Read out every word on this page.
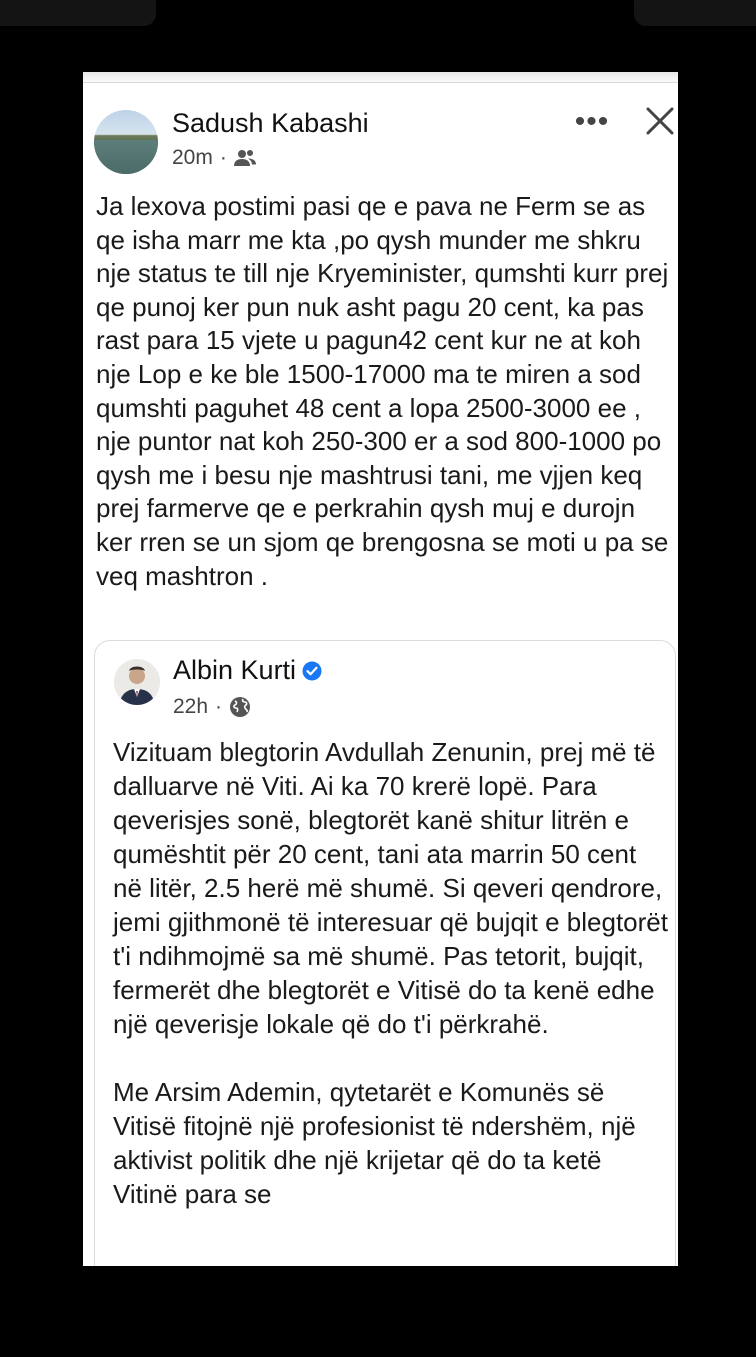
Sadush Kabashi
20m ·
•••
Ja lexova postimi pasi qe e pava ne Ferm se as qe isha marr me kta ,po qysh munder me shkru nje status te till nje Kryeminister, qumshti kurr prej qe punoj ker pun nuk asht pagu 20 cent, ka pas rast para 15 vjete u pagun42 cent kur ne at koh nje Lop e ke ble 1500-17000 ma te miren a sod qumshti paguhet 48 cent a lopa 2500-3000 ee , nje puntor nat koh 250-300 er a sod 800-1000 po qysh me i besu nje mashtrusi tani, me vjjen keq prej farmerve qe e perkrahin qysh muj e durojn ker rren se un sjom qe brengosna se moti u pa se veq mashtron .
Albin Kurti
22h ·

Vizituam blegtorin Avdullah Zenunin, prej më të dalluarve në Viti. Ai ka 70 krerë lopë. Para qeverisjes sonë, blegtorët kanë shitur litrën e qumështit për 20 cent, tani ata marrin 50 cent në litër, 2.5 herë më shumë. Si qeveri qendrore, jemi gjithmonë të interesuar që bujqit e blegtorët t'i ndihmojmë sa më shumë. Pas tetorit, bujqit, fermerët dhe blegtorët e Vitisë do ta kenë edhe një qeverisje lokale që do t'i përkrahë.

Me Arsim Ademin, qytetarët e Komunës së Vitisë fitojnë një profesionist të ndershëm, një aktivist politik dhe një krijetar që do ta ketë Vitinë para se
